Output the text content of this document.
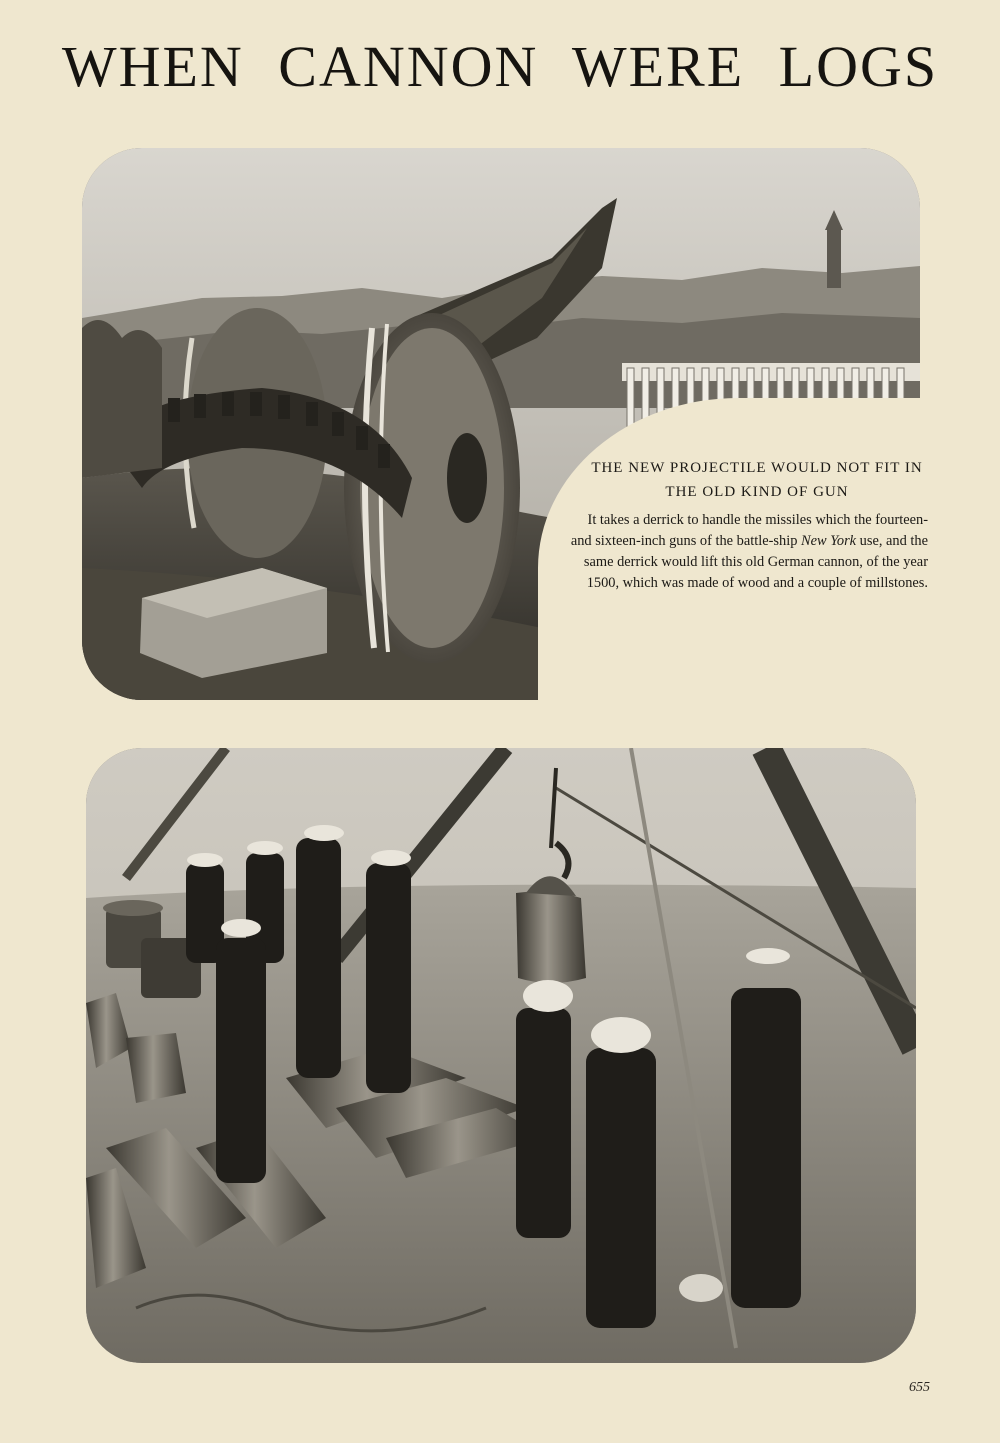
WHEN CANNON WERE LOGS

THE NEW PROJECTILE WOULD NOT FIT IN THE OLD KIND OF GUN

It takes a derrick to handle the missiles which the fourteen- and sixteen-inch guns of the battle-ship New York use, and the same derrick would lift this old German cannon, of the year 1500, which was made of wood and a couple of millstones.

655
